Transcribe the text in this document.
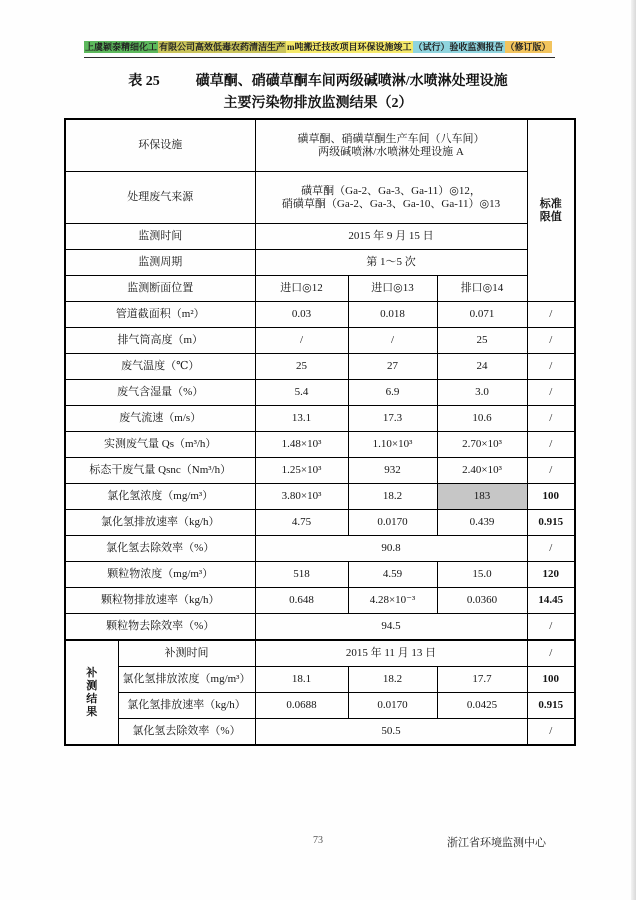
上虞颖泰精细化工 有限公司高效低毒农药清洁生产 m吨搬迁技改项目环保设施竣工 （试行）验收监测报告 （修订版）
表 25	磺草酮、硝磺草酮车间两级碱喷淋/水喷淋处理设施
主要污染物排放监测结果（2）
环保设施		磺草酮、硝磺草酮生产车间（八车间）
两级碱喷淋/水喷淋处理设施 A			标准
限值
处理废气来源		磺草酮（Ga-2、Ga-3、Ga-11）◎12，
硝磺草酮（Ga-2、Ga-3、Ga-10、Ga-11）◎13			
监测时间		2015 年 9 月 15 日			
监测周期		第 1～5 次			
监测断面位置		进口◎12	进口◎13	排口◎14	
管道截面积（m²）		0.03	0.018	0.071	/
排气筒高度（m）		/	/	25	/
废气温度（℃）		25	27	24	/
废气含湿量（%）		5.4	6.9	3.0	/
废气流速（m/s）		13.1	17.3	10.6	/
实测废气量 Qs（m³/h）		1.48×10³	1.10×10³	2.70×10³	/
标态干废气量 Qsnc（Nm³/h）		1.25×10³	932	2.40×10³	/
氯化氢浓度（mg/m³）		3.80×10³	18.2	183	100
氯化氢排放速率（kg/h）		4.75	0.0170	0.439	0.915
氯化氢去除效率（%）		90.8			/
颗粒物浓度（mg/m³）		518	4.59	15.0	120
颗粒物排放速率（kg/h）		0.648	4.28×10⁻³	0.0360	14.45
颗粒物去除效率（%）		94.5			/
补
测
结
果	补测时间	2015 年 11 月 13 日			/
	氯化氢排放浓度（mg/m³）	18.1	18.2	17.7	100
	氯化氢排放速率（kg/h）	0.0688	0.0170	0.0425	0.915
	氯化氢去除效率（%）	50.5			/
73	浙江省环境监测中心
